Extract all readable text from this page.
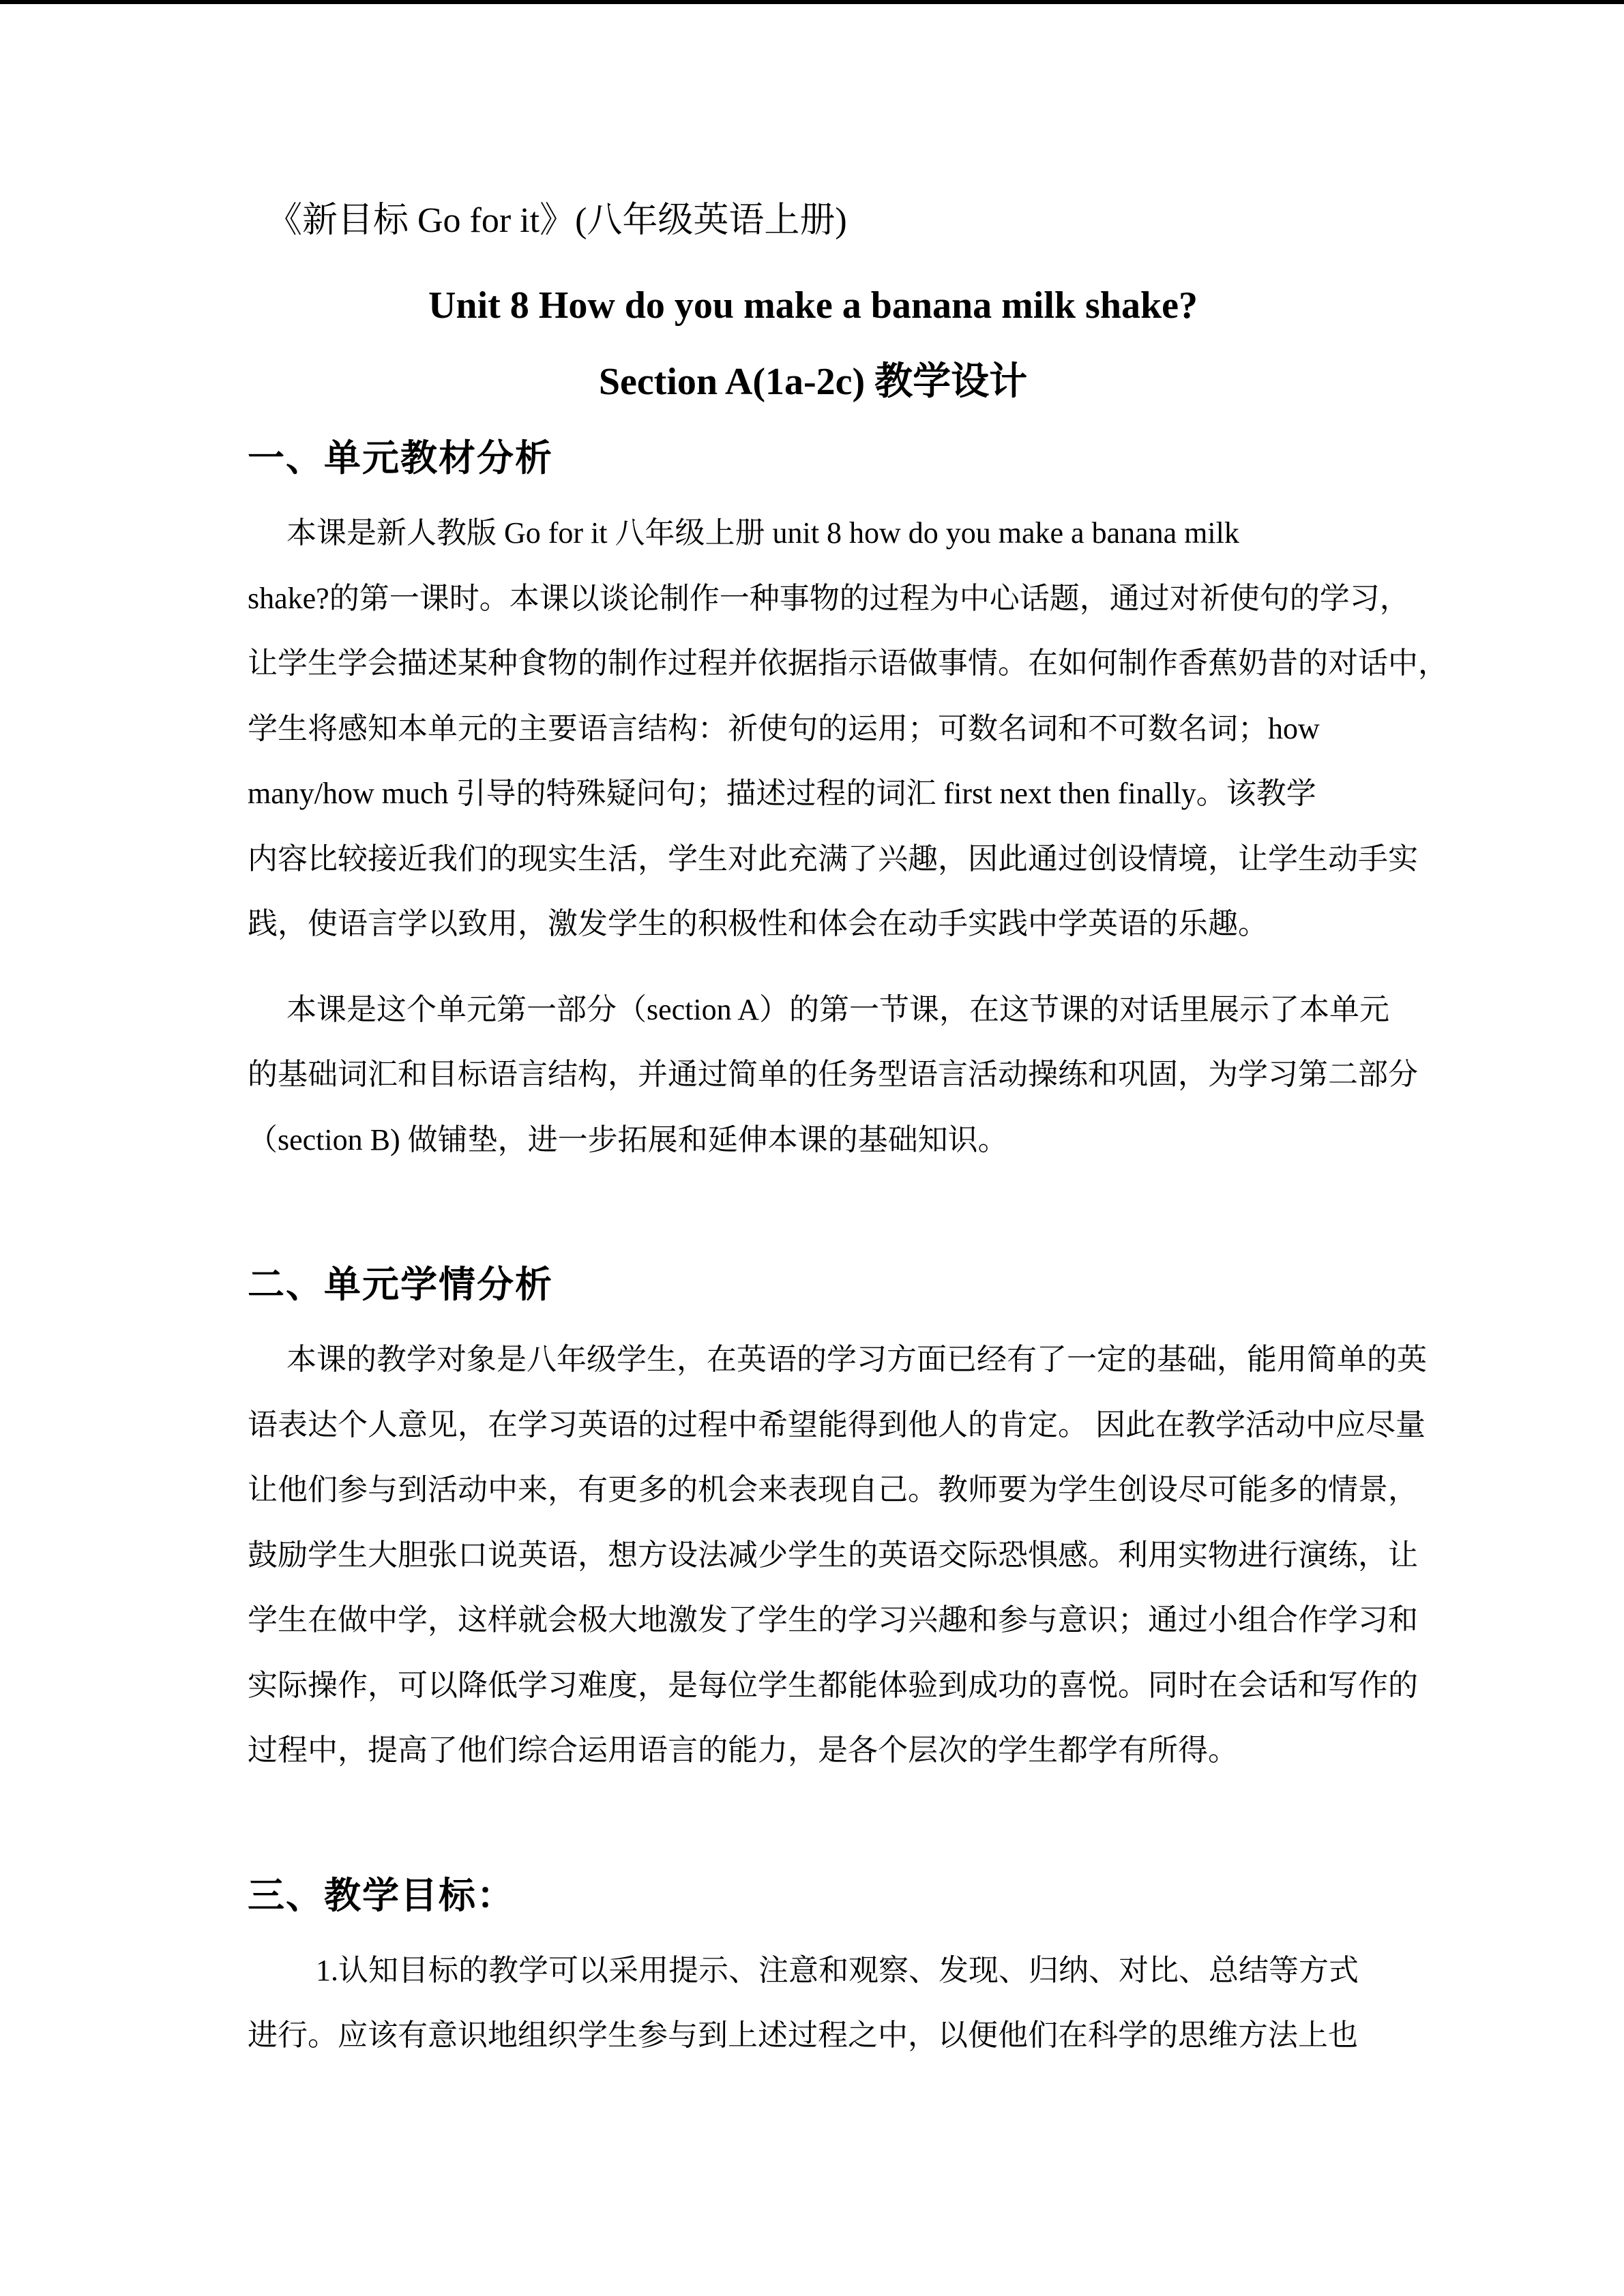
《新目标 Go for it》(八年级英语上册)
Unit 8 How do you make a banana milk shake?
Section A(1a-2c) 教学设计
一、单元教材分析
本课是新人教版 Go for it 八年级上册 unit 8 how do you make a banana milk
shake?的第一课时。本课以谈论制作一种事物的过程为中心话题，通过对祈使句的学习，
让学生学会描述某种食物的制作过程并依据指示语做事情。在如何制作香蕉奶昔的对话中，
学生将感知本单元的主要语言结构：祈使句的运用；可数名词和不可数名词；how
many/how much 引导的特殊疑问句；描述过程的词汇 first next then finally。该教学
内容比较接近我们的现实生活，学生对此充满了兴趣，因此通过创设情境，让学生动手实
践，使语言学以致用，激发学生的积极性和体会在动手实践中学英语的乐趣。
本课是这个单元第一部分（section A）的第一节课，在这节课的对话里展示了本单元
的基础词汇和目标语言结构，并通过简单的任务型语言活动操练和巩固，为学习第二部分
（section B) 做铺垫，进一步拓展和延伸本课的基础知识。
二、单元学情分析
本课的教学对象是八年级学生，在英语的学习方面已经有了一定的基础，能用简单的英
语表达个人意见，在学习英语的过程中希望能得到他人的肯定。 因此在教学活动中应尽量
让他们参与到活动中来，有更多的机会来表现自己。教师要为学生创设尽可能多的情景，
鼓励学生大胆张口说英语，想方设法减少学生的英语交际恐惧感。利用实物进行演练，让
学生在做中学，这样就会极大地激发了学生的学习兴趣和参与意识；通过小组合作学习和
实际操作，可以降低学习难度，是每位学生都能体验到成功的喜悦。同时在会话和写作的
过程中，提高了他们综合运用语言的能力，是各个层次的学生都学有所得。
三、教学目标：
1.认知目标的教学可以采用提示、注意和观察、发现、归纳、对比、总结等方式
进行。应该有意识地组织学生参与到上述过程之中，以便他们在科学的思维方法上也
